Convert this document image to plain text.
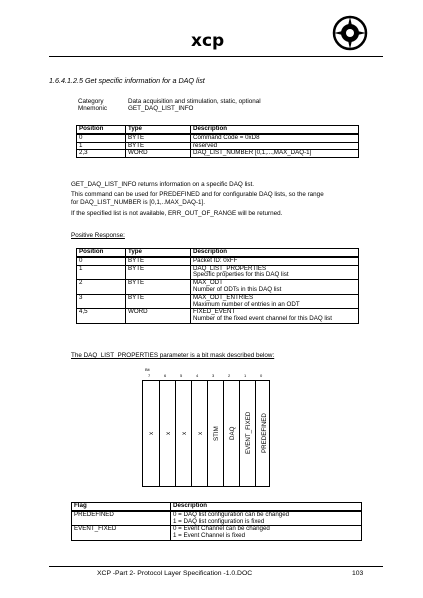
xcp
1.6.4.1.2.5 Get specific information for a DAQ list
Category	Data acquisition and stimulation, static, optional
Mnemonic	GET_DAQ_LIST_INFO
Position	Type	Description
0	BYTE	Command Code = 0xD8
1	BYTE	reserved
2,3	WORD	DAQ_LIST_NUMBER [0,1,...,MAX_DAQ-1]
GET_DAQ_LIST_INFO returns information on a specific DAQ list.
This command can be used for PREDEFINED and for configurable DAQ lists, so the range
for DAQ_LIST_NUMBER is [0,1,..MAX_DAQ-1].
If the specified list is not available, ERR_OUT_OF_RANGE will be returned.
Positive Response:
Position	Type	Description
0	BYTE	Packet ID: 0xFF

1	BYTE	DAQ_LIST_PROPERTIES
Specific properties for this DAQ list

2	BYTE	MAX_ODT
Number of ODTs in this DAQ list

3	BYTE	MAX_ODT_ENTRIES
Maximum number of entries in an ODT

4,5	WORD	FIXED_EVENT
Number of the fixed event channel for this DAQ list
The DAQ_LIST_PROPERTIES parameter is a bit mask described below:
Bit
7	6	5	4	3	2	1	0
x x x x STIM DAQ EVENT_FIXED PREDEFINED
Flag	Description
PREDEFINED	0 = DAQ list configuration can be changed
1 = DAQ list configuration is fixed

EVENT_FIXED	0 = Event Channel can be changed
1 = Event Channel is fixed
XCP -Part 2- Protocol Layer Specification -1.0.DOC	103
